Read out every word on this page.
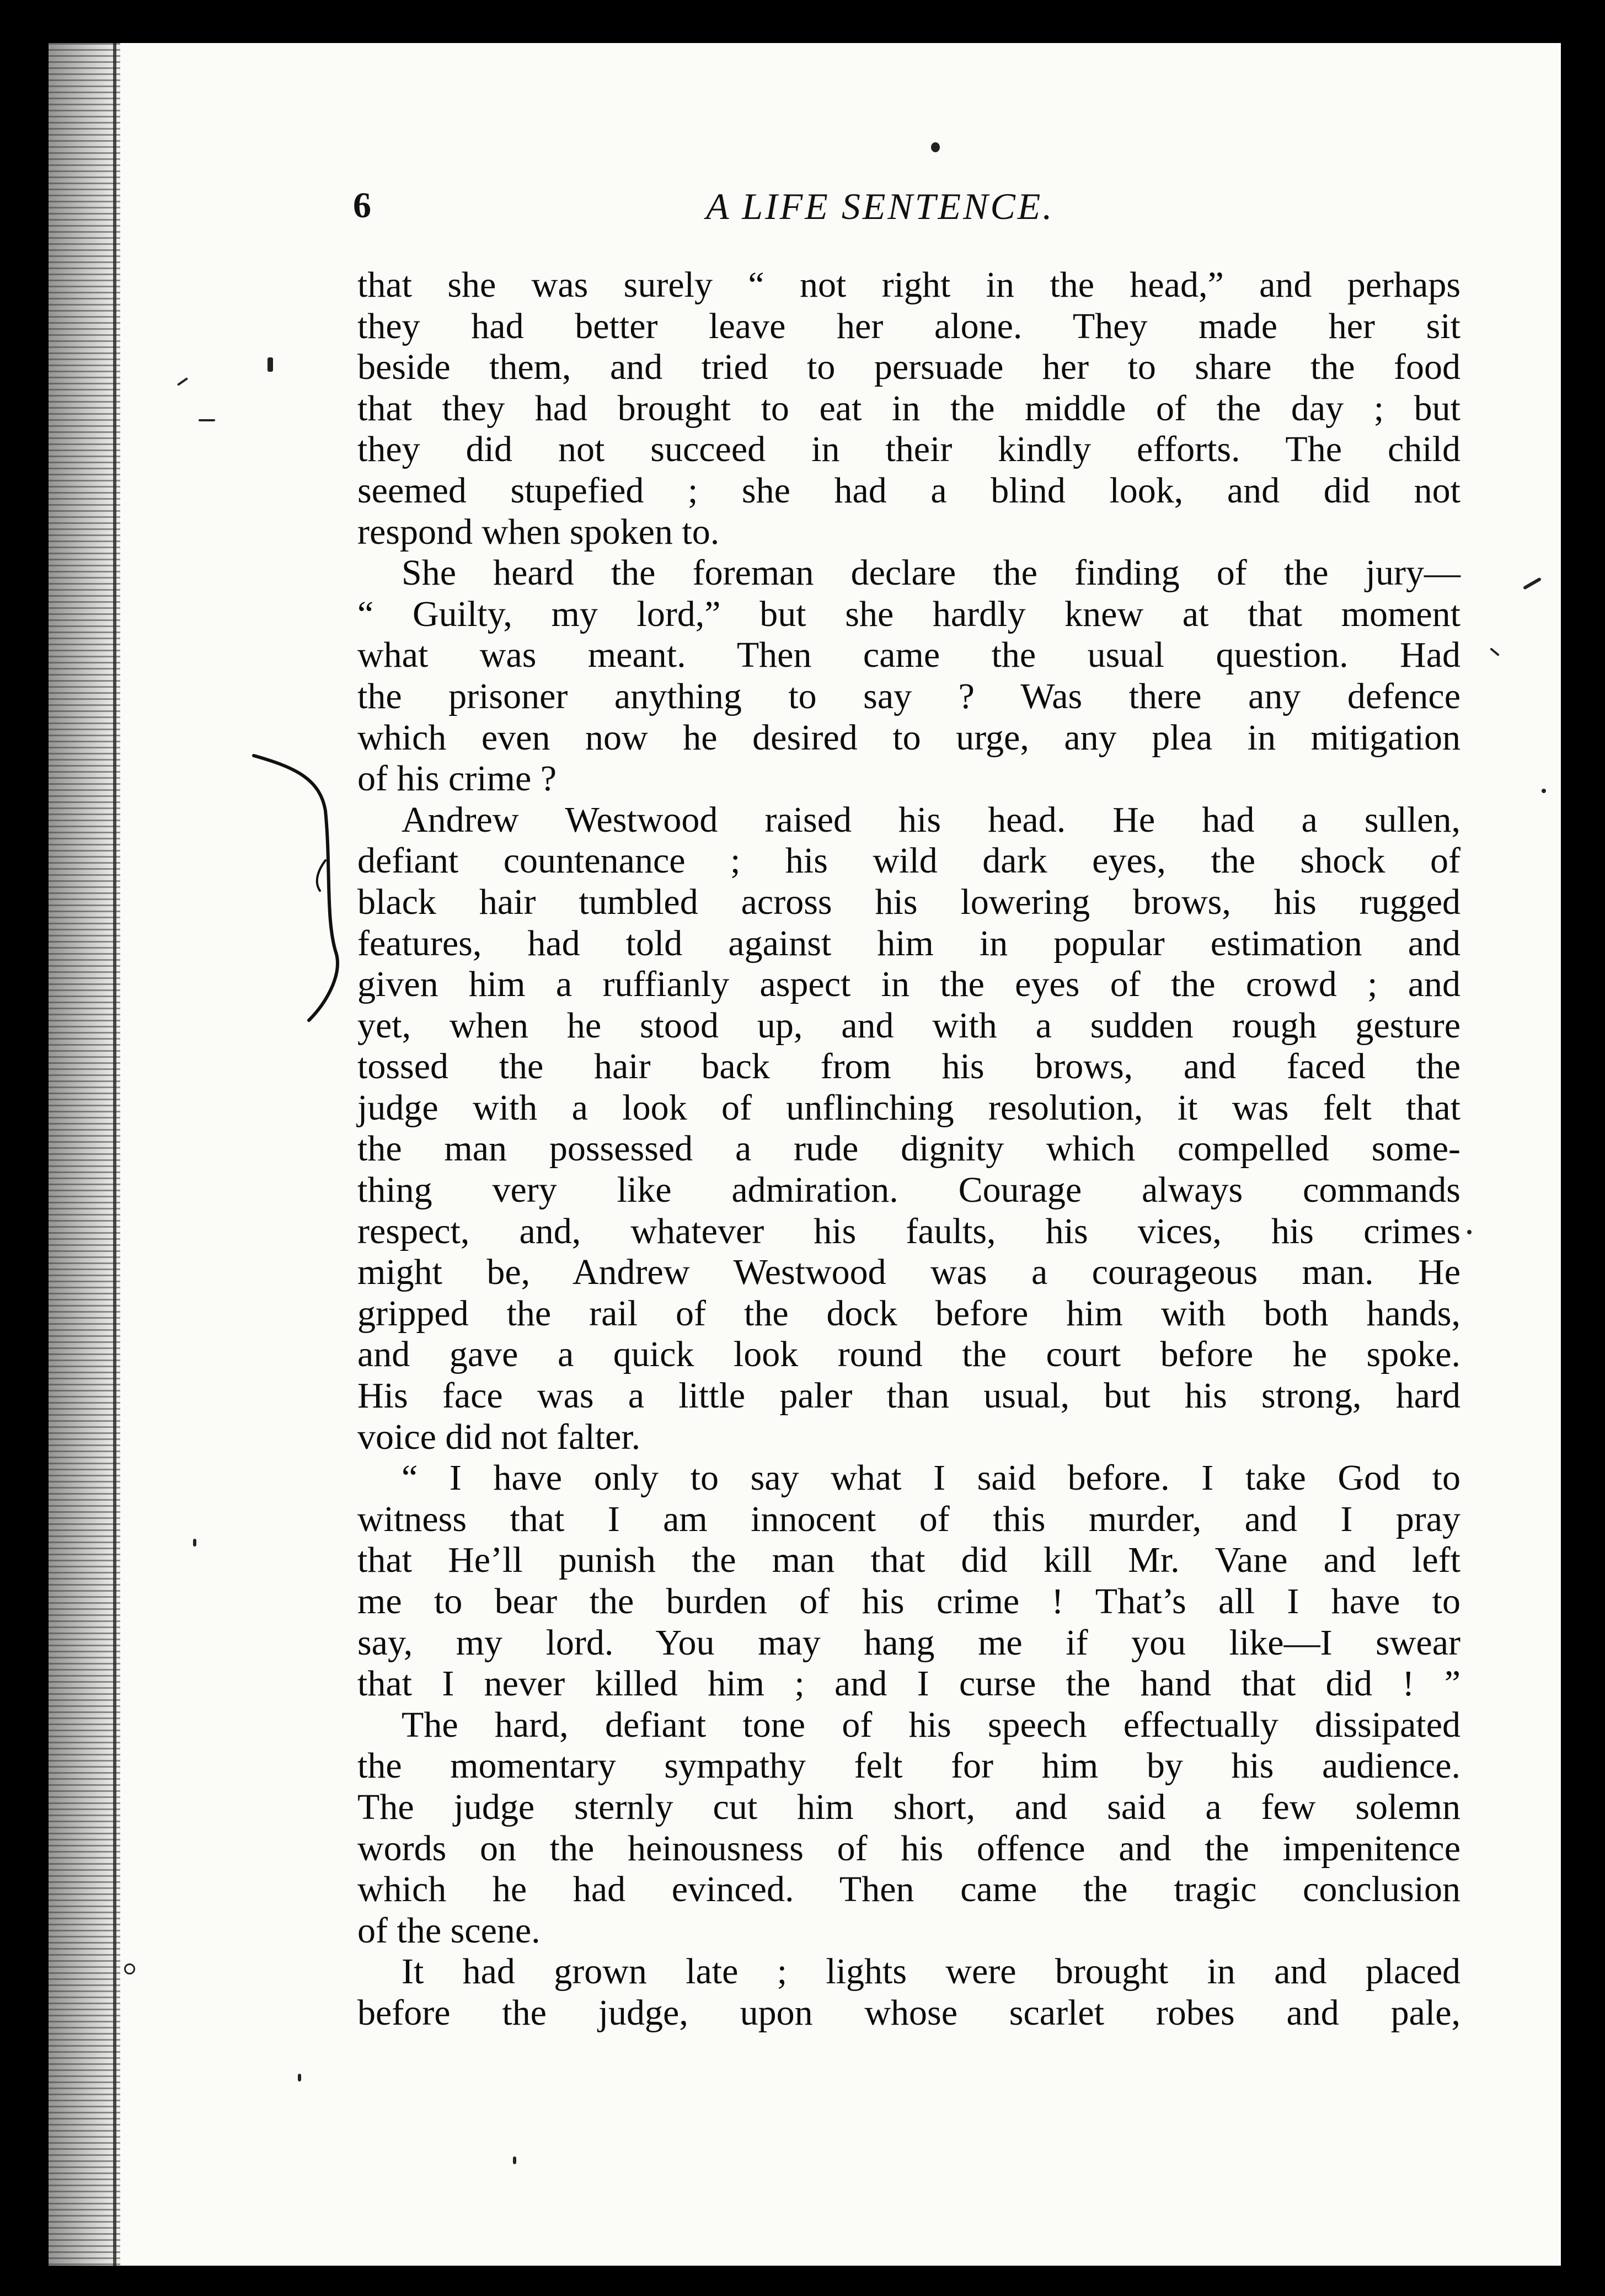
6	A LIFE SENTENCE.
that she was surely “ not right in the head,” and perhaps
they had better leave her alone. They made her sit
beside them, and tried to persuade her to share the food
that they had brought to eat in the middle of the day ; but
they did not succeed in their kindly efforts. The child
seemed stupefied ; she had a blind look, and did not
respond when spoken to.
She heard the foreman declare the finding of the jury—
“ Guilty, my lord,” but she hardly knew at that moment
what was meant. Then came the usual question. Had
the prisoner anything to say ? Was there any defence
which even now he desired to urge, any plea in mitigation
of his crime ?
Andrew Westwood raised his head. He had a sullen,
defiant countenance ; his wild dark eyes, the shock of
black hair tumbled across his lowering brows, his rugged
features, had told against him in popular estimation and
given him a ruffianly aspect in the eyes of the crowd ; and
yet, when he stood up, and with a sudden rough gesture
tossed the hair back from his brows, and faced the
judge with a look of unflinching resolution, it was felt that
the man possessed a rude dignity which compelled some-
thing very like admiration. Courage always commands
respect, and, whatever his faults, his vices, his crimes
might be, Andrew Westwood was a courageous man. He
gripped the rail of the dock before him with both hands,
and gave a quick look round the court before he spoke.
His face was a little paler than usual, but his strong, hard
voice did not falter.
“ I have only to say what I said before. I take God to
witness that I am innocent of this murder, and I pray
that He’ll punish the man that did kill Mr. Vane and left
me to bear the burden of his crime ! That’s all I have to
say, my lord. You may hang me if you like—I swear
that I never killed him ; and I curse the hand that did ! ”
The hard, defiant tone of his speech effectually dissipated
the momentary sympathy felt for him by his audience.
The judge sternly cut him short, and said a few solemn
words on the heinousness of his offence and the impenitence
which he had evinced. Then came the tragic conclusion
of the scene.
It had grown late ; lights were brought in and placed
before the judge, upon whose scarlet robes and pale,
